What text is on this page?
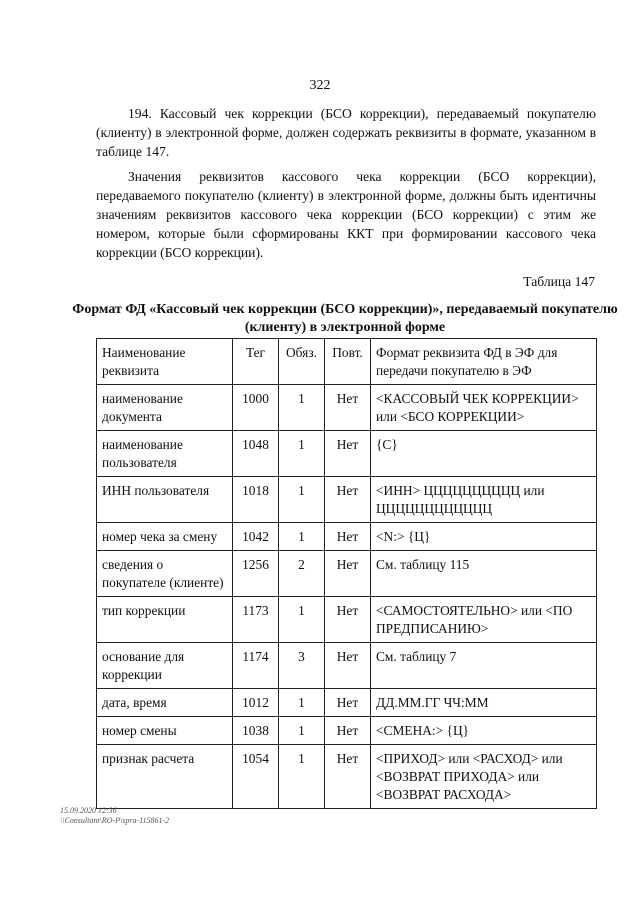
322

194. Кассовый чек коррекции (БСО коррекции), передаваемый покупателю (клиенту) в электронной форме, должен содержать реквизиты в формате, указанном в таблице 147.

Значения реквизитов кассового чека коррекции (БСО коррекции), передаваемого покупателю (клиенту) в электронной форме, должны быть идентичны значениям реквизитов кассового чека коррекции (БСО коррекции) с этим же номером, которые были сформированы ККТ при формировании кассового чека коррекции (БСО коррекции).

Таблица 147
Формат ФД «Кассовый чек коррекции (БСО коррекции)», передаваемый покупателю (клиенту) в электронной форме
Наименование реквизита	Тег	Обяз.	Повт.	Формат реквизита ФД в ЭФ для передачи покупателю в ЭФ
наименование документа	1000	1	Нет	<КАССОВЫЙ ЧЕК КОРРЕКЦИИ> или <БСО КОРРЕКЦИИ>
наименование пользователя	1048	1	Нет	{С}
ИНН пользователя	1018	1	Нет	<ИНН> ЦЦЦЦЦЦЦЦЦЦ или ЦЦЦЦЦЦЦЦЦЦЦЦ
номер чека за смену	1042	1	Нет	<N:> {Ц}
сведения о покупателе (клиенте)	1256	2	Нет	См. таблицу 115
тип коррекции	1173	1	Нет	<САМОСТОЯТЕЛЬНО> или <ПО ПРЕДПИСАНИЮ>
основание для коррекции	1174	3	Нет	См. таблицу 7
дата, время	1012	1	Нет	ДД.ММ.ГГ ЧЧ:ММ
номер смены	1038	1	Нет	<СМЕНА:> {Ц}
признак расчета	1054	1	Нет	<ПРИХОД> или <РАСХОД> или <ВОЗВРАТ ПРИХОДА> или <ВОЗВРАТ РАСХОДА>
15.09.2020 12:36
\\Consultant\RO-P\spra-115861-2
